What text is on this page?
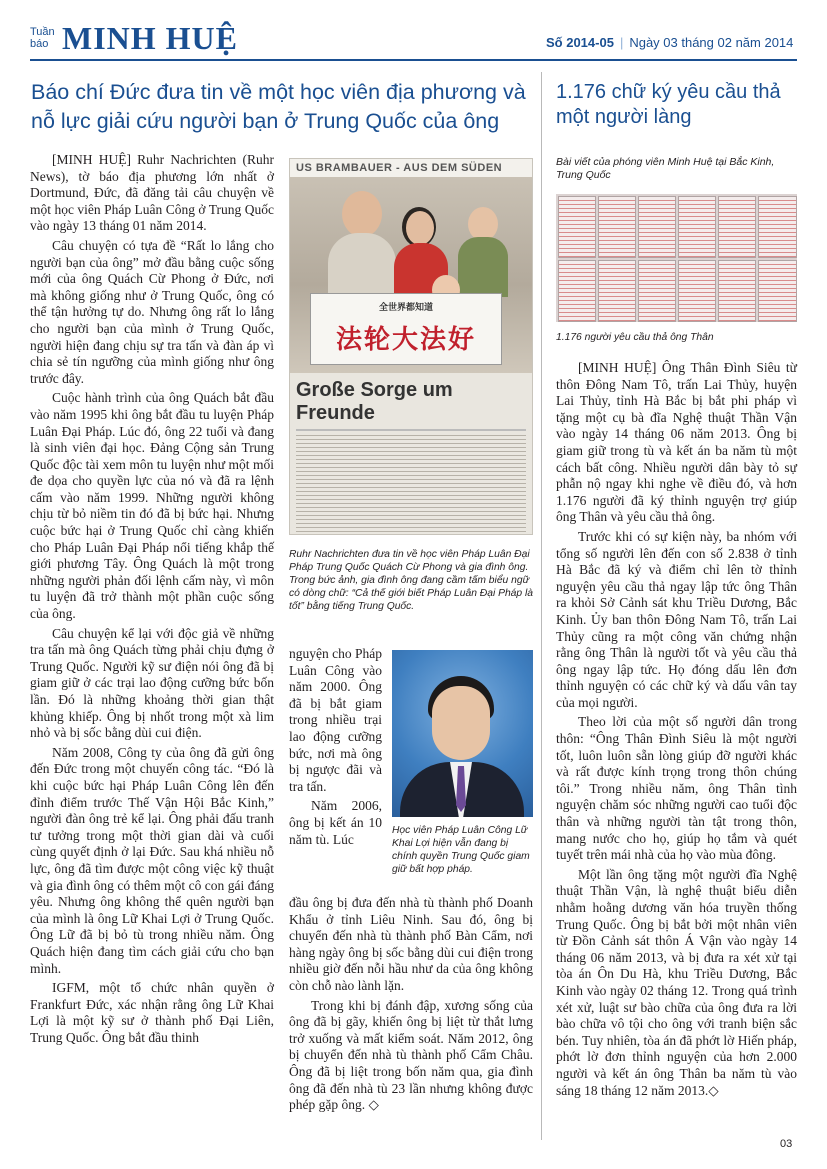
Tuần
báo MINH HUỆ	Số 2014-05 | Ngày 03 tháng 02 năm 2014
Báo chí Đức đưa tin về một học viên địa phương và nỗ lực giải cứu người bạn ở Trung Quốc của ông

[MINH HUỆ] Ruhr Nachrichten (Ruhr News), tờ báo địa phương lớn nhất ở Dortmund, Đức, đã đăng tải câu chuyện về một học viên Pháp Luân Công ở Trung Quốc vào ngày 13 tháng 01 năm 2014.

Câu chuyện có tựa đề “Rất lo lắng cho người bạn của ông” mở đầu bằng cuộc sống mới của ông Quách Cừ Phong ở Đức, nơi mà không giống như ở Trung Quốc, ông có thể tận hưởng tự do. Nhưng ông rất lo lắng cho người bạn của mình ở Trung Quốc, người hiện đang chịu sự tra tấn và đàn áp vì chia sẻ tín ngưỡng của mình giống như ông trước đây.

Cuộc hành trình của ông Quách bắt đầu vào năm 1995 khi ông bắt đầu tu luyện Pháp Luân Đại Pháp. Lúc đó, ông 22 tuổi và đang là sinh viên đại học. Đảng Cộng sản Trung Quốc độc tài xem môn tu luyện như một mối đe dọa cho quyền lực của nó và đã ra lệnh cấm vào năm 1999. Những người không chịu từ bỏ niềm tin đó đã bị bức hại. Nhưng cuộc bức hại ở Trung Quốc chỉ càng khiến cho Pháp Luân Đại Pháp nổi tiếng khắp thế giới phương Tây. Ông Quách là một trong những người phản đối lệnh cấm này, vì môn tu luyện đã trở thành một phần cuộc sống của ông.

Câu chuyện kể lại với độc giả về những tra tấn mà ông Quách từng phải chịu đựng ở Trung Quốc. Người kỹ sư điện nói ông đã bị giam giữ ở các trại lao động cưỡng bức bốn lần. Đó là những khoảng thời gian thật khủng khiếp. Ông bị nhốt trong một xà lim nhỏ và bị sốc bằng dùi cui điện.

Năm 2008, Công ty của ông đã gửi ông đến Đức trong một chuyến công tác. “Đó là khi cuộc bức hại Pháp Luân Công lên đến đỉnh điểm trước Thế Vận Hội Bắc Kinh,” người đàn ông trẻ kể lại. Ông phải đấu tranh tư tưởng trong một thời gian dài và cuối cùng quyết định ở lại Đức. Sau khá nhiều nỗ lực, ông đã tìm được một công việc kỹ thuật và gia đình ông có thêm một cô con gái đáng yêu. Nhưng ông không thể quên người bạn của mình là ông Lữ Khai Lợi ở Trung Quốc. Ông Lữ đã bị bỏ tù trong nhiều năm. Ông Quách hiện đang tìm cách giải cứu cho bạn mình.

IGFM, một tổ chức nhân quyền ở Frankfurt Đức, xác nhận rằng ông Lữ Khai Lợi là một kỹ sư ở thành phố Đại Liên, Trung Quốc. Ông bắt đầu thinh

US BRAMBAUER - AUS DEM SÜDEN
全世界都知道
法轮大法好
Große Sorge um Freunde
Ruhr Nachrichten đưa tin về học viên Pháp Luân Đại Pháp Trung Quốc Quách Cừ Phong và gia đình ông. Trong bức ảnh, gia đình ông đang cầm tấm biểu ngữ có dòng chữ: “Cả thế giới biết Pháp Luân Đại Pháp là tốt” bằng tiếng Trung Quốc.

nguyện cho Pháp Luân Công vào năm 2000. Ông đã bị bắt giam trong nhiều trại lao động cưỡng bức, nơi mà ông bị ngược đãi và tra tấn.

Năm 2006, ông bị kết án 10 năm tù. Lúc

Học viên Pháp Luân Công Lữ Khai Lợi hiện vẫn đang bị chính quyền Trung Quốc giam giữ bất hợp pháp.

đầu ông bị đưa đến nhà tù thành phố Doanh Khẩu ở tỉnh Liêu Ninh. Sau đó, ông bị chuyển đến nhà tù thành phố Bàn Cẩm, nơi hàng ngày ông bị sốc bằng dùi cui điện trong nhiều giờ đến nỗi hầu như da của ông không còn chỗ nào lành lặn.

Trong khi bị đánh đập, xương sống của ông đã bị gãy, khiến ông bị liệt từ thắt lưng trở xuống và mất kiểm soát. Năm 2012, ông bị chuyển đến nhà tù thành phố Cẩm Châu. Ông đã bị liệt trong bốn năm qua, gia đình ông đã đến nhà tù 23 lần nhưng không được phép gặp ông. ◇

1.176 chữ ký yêu cầu thả một người làng
Bài viết của phóng viên Minh Huệ tại Bắc Kinh, Trung Quốc
1.176 người yêu cầu thả ông Thân

[MINH HUỆ] Ông Thân Đình Siêu từ thôn Đông Nam Tô, trấn Lai Thủy, huyện Lai Thủy, tỉnh Hà Bắc bị bắt phi pháp vì tặng một cụ bà đĩa Nghệ thuật Thần Vận vào ngày 14 tháng 06 năm 2013. Ông bị giam giữ trong tù và kết án ba năm tù một cách bất công. Nhiều người dân bày tỏ sự phẫn nộ ngay khi nghe về điều đó, và hơn 1.176 người đã ký thỉnh nguyện trợ giúp ông Thân và yêu cầu thả ông.

Trước khi có sự kiện này, ba nhóm với tổng số người lên đến con số 2.838 ở tỉnh Hà Bắc đã ký và điểm chỉ lên tờ thỉnh nguyện yêu cầu thả ngay lập tức ông Thân ra khỏi Sở Cảnh sát khu Triều Dương, Bắc Kinh. Ủy ban thôn Đông Nam Tô, trấn Lai Thủy cũng ra một công văn chứng nhận rằng ông Thân là người tốt và yêu cầu thả ông ngay lập tức. Họ đóng dấu lên đơn thỉnh nguyện có các chữ ký và dấu vân tay của mọi người.

Theo lời của một số người dân trong thôn: “Ông Thân Đình Siêu là một người tốt, luôn luôn sẵn lòng giúp đỡ người khác và rất được kính trọng trong thôn chúng tôi.” Trong nhiều năm, ông Thân tình nguyện chăm sóc những người cao tuổi độc thân và những người tàn tật trong thôn, mang nước cho họ, giúp họ tắm và quét tuyết trên mái nhà của họ vào mùa đông.

Một lần ông tặng một người đĩa Nghệ thuật Thần Vận, là nghệ thuật biểu diễn nhằm hoằng dương văn hóa truyền thống Trung Quốc. Ông bị bắt bởi một nhân viên từ Đồn Cảnh sát thôn Á Vận vào ngày 14 tháng 06 năm 2013, và bị đưa ra xét xử tại tòa án Ôn Du Hà, khu Triều Dương, Bắc Kinh vào ngày 02 tháng 12. Trong quá trình xét xử, luật sư bào chữa của ông đưa ra lời bào chữa vô tội cho ông với tranh biện sắc bén. Tuy nhiên, tòa án đã phớt lờ Hiến pháp, phớt lờ đơn thỉnh nguyện của hơn 2.000 người và kết án ông Thân ba năm tù vào sáng 18 tháng 12 năm 2013.◇

03
